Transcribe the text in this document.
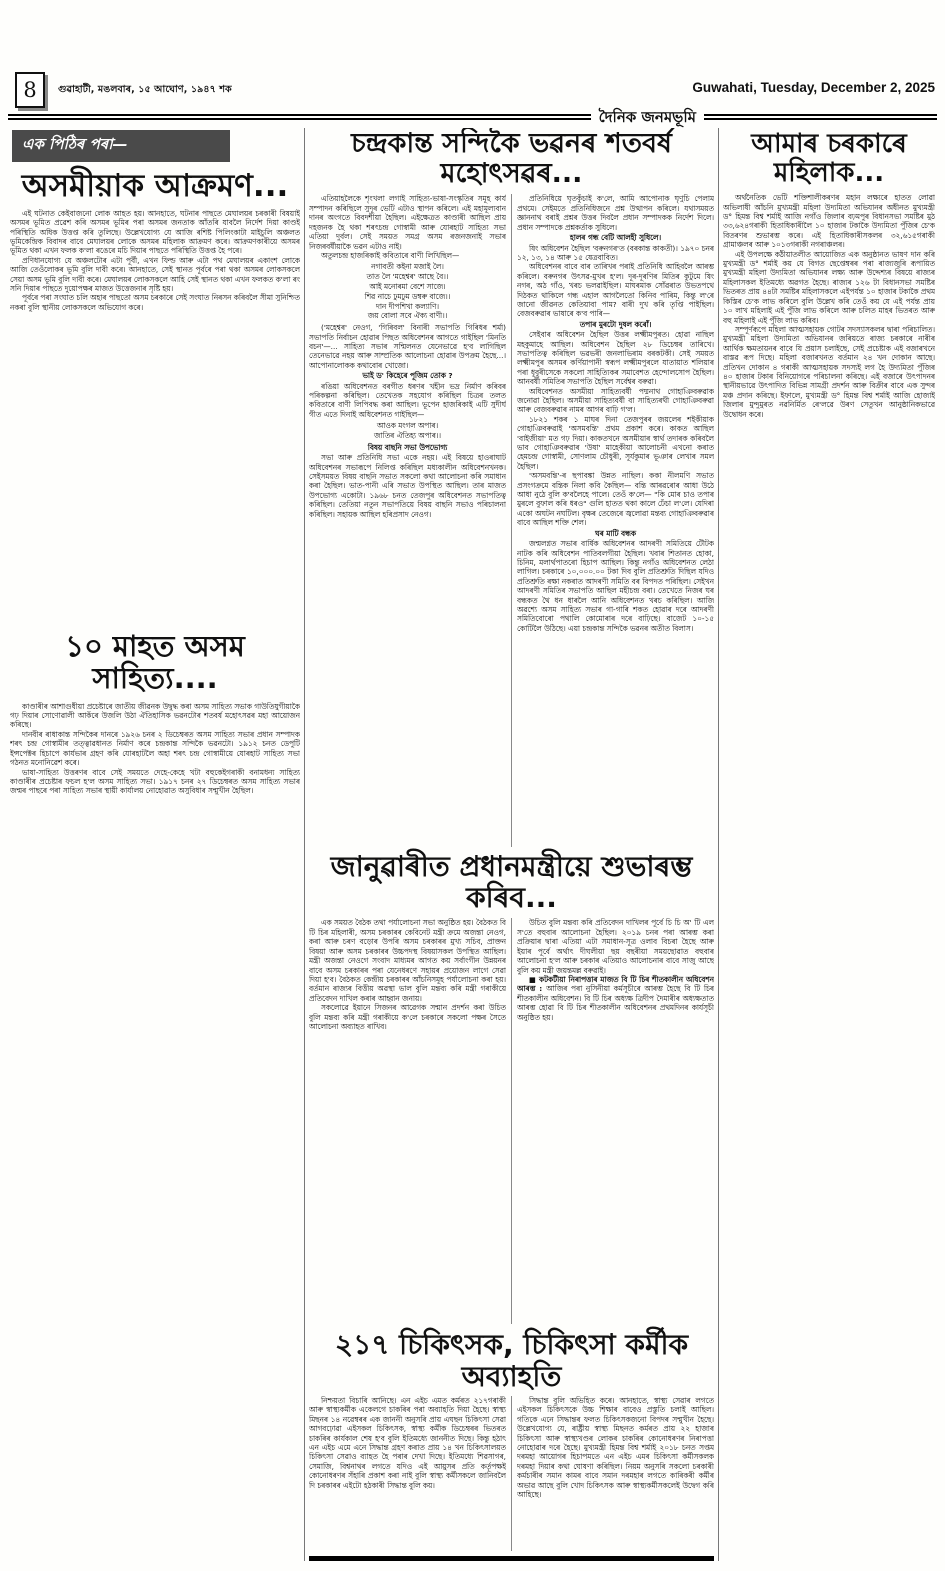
8 গুৱাহাটী, মঙলবাৰ, ১৫ আঘোণ, ১৯৪৭ শক	Guwahati, Tuesday, December 2, 2025
দৈনিক জনমভূমি
এক পিঠিৰ পৰা—
অসমীয়াক আক্ৰমণ...

এই ঘটনাত কেইবাজনো লোক আহত হয়। আনহাতে, ঘটনাৰ পাছতে মেঘালয়ৰ চৰকাৰী বিষয়াই অসমৰ ভূমিত প্ৰৱেশ কৰি অসমৰ ভূমিৰ পৰা অসমৰ জনতাক আঁতৰি যাবলৈ নিৰ্দেশ দিয়া কাণ্ডই পৰিস্থিতি অধিক উত্তপ্ত কৰি তুলিছে। উল্লেখযোগ্য যে আজি ৰশিষ্ট পিলিংকাটা মাইচুলি অঞ্চলত ভূমিকেন্দ্ৰিক বিবাদৰ বাবে মেঘালয়ৰ লোকে অসমৰ মহিলাক আক্ৰমণ কৰে। আক্ৰমণকাৰীয়ে অসমৰ ভূমিত থকা এখন ফলক ক'লা ৰঙেৰে মচি দিয়াৰ পাছতে পৰিস্থিতি উত্তপ্ত হৈ পৰে।

প্ৰণিধানযোগ্য যে অঞ্চলটোৰ এটা পূৰ্বী, এখন ফিল্ড আৰু এটা পথ মেঘালয়ৰ একাংশ লোকে আজি তেওঁলোকৰ ভূমি বুলি দাবী কৰে। আনহাতে, সেই স্থানত পূৰ্বৰে পৰা থকা অসমৰ লোকসকলে সেয়া অসম ভূমি বুলি দাবী কৰে। মেঘালয়ৰ লোকসকলে আহি সেই স্থানত থকা এখন ফলকত ক'লা ৰং সনি দিয়াৰ পাছতে দুয়োপক্ষৰ মাজত উত্তেজনাৰ সৃষ্টি হয়।

পূৰ্বৰে পৰা সংঘাত চলি অহাৰ পাছতো অসম চৰকাৰে সেই সংঘাত নিৰসন কৰিবলৈ সীমা সুনিশ্চিত নকৰা বুলি স্থানীয় লোকসকলে অভিযোগ কৰে।

১০ মাহত অসম সাহিত্য....

কাণ্ডাৰীৰ আশাগুধীয়া প্ৰচেষ্টাৰে জাতীয় জীৱনক উদ্বুদ্ধ কৰা অসম সাহিত্য সভাক গাউতিযুগীয়াকৈ গঢ় দিয়াৰ সোণোৱালী আকঁৰে উজলি উঠা ঐতিহাসিক ভৱনটোৰ শতবৰ্ষ মহোৎসৱৰ মহা আয়োজন কৰিছে।

দানবীৰ ৰাধাকান্ত সন্দিকৈৰ দানৰে ১৯২৬ চনৰ ২ ডিচেম্বৰত অসম সাহিত্য সভাৰ প্ৰধান সম্পাদক শৰৎ চন্দ্ৰ গোস্বামীৰ তত্ত্বাৱধানত নিৰ্মাণ কৰে চন্দ্ৰকান্ত সন্দিকৈ ভৱনটো। ১৯১২ চনত ডেপুটি ইন্সপেক্টৰ হিচাপে কাৰ্যভাৰ গ্ৰহণ কৰি যোৰহাটলৈ অহা শৰৎ চন্দ্ৰ গোস্বামীয়ে যোৰহাট সাহিত্য সভা গঠনত মনোনিৱেশ কৰে।

ভাষা-সাহিত্য উত্তৰণৰ বাবে সেই সময়তে দেহে-কেহে খটা বহুকেইগৰাকী বনামধন্য সাহিত্য কাণ্ডাৰীৰ প্ৰচেষ্টাৰ ফচল হ'ল অসম সাহিত্য সভা। ১৯১৭ চনৰ ২৭ ডিচেম্বৰত অসম সাহিত্য সভাৰ জন্মৰ পাছৰে পৰা সাহিত্য সভাৰ স্থায়ী কাৰ্যালয় নোহোৱাত অসুবিধাৰ সন্মুখীন হৈছিল।

চন্দ্ৰকান্ত সন্দিকৈ ভৱনৰ শতবৰ্ষ মহোৎসৱৰ...

এতিয়াহলৈকে শৃংখলা লগাই সাহিত্য-ভাষা-সংস্কৃতিৰ সমূহ কাৰ্য সম্পাদন কৰিছিলে সুদূৰ ভেটি এটাও স্থাপন কৰিলে। এই মহামূল্যবান দানৰ অংগতে বিবদশীয়া হৈছিল। এইক্ষেত্ৰত কাণ্ডাৰী আছিল প্ৰায় দহজনক হৈ থকা শৰৎচন্দ্ৰ গোস্বামী আৰু যোৰহাট সাহিত্য সভা এতিয়া দুৰ্বল। সেই সময়ত সমগ্ৰ অসম ৰজনজনাই সভাৰ নিজৰবৰ্ষীয়াকৈ ভৱন এটাও নাই।

অতুলচন্দ্ৰ হাজৰিকাই কবিতাৰে বাণী লিখিছিল—

নগাবতী কইনা মজাই লৈ।
তাত লৈ 'মহেশ্বৰ' আছে বৈ।।
আই মনোৰমা বেশে সাজে।
শিৱ নাচে ঢুমঢুম ডম্বৰু বাজে।।
দান দীপশিখা কল্যাণি।
জয় বোলা সবে ঐক্য বাণী।।

('মহেশ্বৰ' নেওগ, 'গিৰিবল' বিনাৰী সভাপতি গিৰিধৰ শৰ্মা) সভাপতি নিৰ্বাচন হোৱাৰ পিছত অধিবেশনৰ আগতে গাইছিল 'মিনতি বচন'—... সাহিত্য সভাৰ সন্মিলনত যেনেভাৱে হ'ব লাগিছিল তেনেভাৱে নহয় আৰু সাম্প্ৰতিক আলোচনা হোৱাৰ উপক্ৰম হৈছে...। আপোনালোকক কথাবোৰ খোজো।

ভাই ড' কিহেৰে পূজিম তোক ?

ৰঙিয়া অধিবেশনত বৰগীত ধৰণৰ খহীন ভদ্ৰ নিৰ্মাণ কৰিবৰ পৰিকল্পনা কৰিছিল। তেখেতক সহযোগ কৰিছিল চিত্ৰৰ তলত কবিতাৰে বাণী লিপিবদ্ধ কৰা আছিল। ভূপেন হাজৰিকাই এটি সুদীৰ্ঘ গীত এতে দিনাই অধিবেশনত গাইছিল—

আওক মংগল অপাৰ।
জাতিৰ ঐতিহ্য অপাৰ।।

বিষয় বাছনি সভা উপভোগ্য

সভা আৰু প্ৰতিনিধি সভা একে নহয়। এই বিষয়ে হাওৰাঘাট অধিবেশনৰ সভাৰূপে নিলিপ্ত কৰিছিল মধ্যকালীন অধিবেশনখনক। সেইসময়ত বিষয় বাছনি সভাত সকলো কথা আলোচনা কৰি সমাধান কৰা হৈছিল। ভাত-পানী এৰি সভাত উপস্থিত আছিল। তাৰ মাজত উপভোগ্য একোটা। ১৯৬৮ চনত তেজপুৰ অধিবেশনত সভাপতিত্ব কৰিছিল। তেতিয়া নতুন সভাপতিয়ে বিষয় বাছনি সভাও পৰিচালনা কৰিছিল। সহায়ক আছিল হৰিপ্ৰসাদ নেওগ।

প্ৰতিনিধিয়ে ঘৃতকুঁচাই ক'লে, আমি আপোনাক ঘৃণুচি পেলাম প্ৰথমে। সেইমতে প্ৰতিনিধিজনে প্ৰশ্ন উত্থাপন কৰিলে। যথাসময়ত জ্ঞাননাথ বৰাই প্ৰশ্নৰ উত্তৰ দিবলৈ প্ৰধান সম্পাদকক নিৰ্দেশ দিলে। প্ৰধান সম্পাদকে প্ৰশ্নকৰ্তাক সুধিলে।

হালৰ গন্ধ বেটি আলহী সুধিলে।

ষিং অধিবেশন হৈছিল 'বৰুনগৰ'ত (বৰকান্ত কাকতী)। ১৯৭০ চনৰ ১২, ১৩, ১৪ আৰু ১৫ ষেত্ৰবাবিত।

অধিবেশনৰ বাবে বাৰ তাৰিখৰ পৰাই প্ৰতিনিধি আহিবলৈ আৰম্ভ কৰিলে। বৰুনগৰ উৎসৱ-মুখৰ হ'ল। দূৰ-দূৰণিৰ মিতিৰ কুটুমে ষিং নগৰ, অঠ গাঁও, খৰচ ভলৱাইছিল। মাঘৰমাক সোঁৱৰাত উভতপথে দিঠকত থাকিলে গন্ধ এহাল আগলৈতো কিনিব পাৰিম, কিন্তু ল'ৰে জানো জীৱনত কেতিয়াবা পাম? বাৰী দুখ কৰি তৃপ্তি পাইছিল। বেজবৰুৱাৰ ভাষাৰে ক'ব পাৰি—

তপাৰ মুৰটো দুষল কৰোঁ।

সেইবাৰ অধিবেশন হৈছিল উত্তৰ লক্ষ্মীমপুৰত। হোৱা নাছিল মহকুমাহে আছিল। অধিবেশন হৈছিল ২৮ ডিচেম্বৰ তাৰিখে। সভাপতিত্ব কৰিছিল ভৱভৰী জনলাভিৰাম বৰকটকী। সেই সময়ত লক্ষ্মীমপুৰ অসমৰ কৰ্ণিয়াপানী স্বৰূপ লক্ষ্মীমপুৰলে যাতায়াত শলিয়াৰ পৰা ধূবুৰীসেকে সকলো সাহিত্যিকৰ সমাবেশত হেন্দোলসোপ হৈছিল। আনবৰ্ষী সমিতিৰ সভাপতি হৈছিল সৰ্বেশ্বৰ বৰুৱা।

অধিবেশনত অসমীয়া সাহিত্যবৰ্ষী পদ্মনাথ গোহাঞিবৰুৱাক জনোৱা হৈছিল। অসমীয়া সাহিত্যবৰ্ষী বা সাহিত্যৰথী গোহাঞিবৰুৱা আৰু বেজবৰুৱাৰ নামৰ আগৰ বাঢ়ি গ'ল।

১৮২১ শকৰ ১ মাঘৰ দিনা তেজপুৰৰ জয়লেৰ শইকীয়াক গোহাঞিবৰুৱাই 'অসমবন্তি' প্ৰথম প্ৰকাশ কৰে। কাকত আছিল 'বাইজীয়া' মত গঢ় দিয়া। কাকতখনে অসমীয়াৰ স্বাৰ্থ তদাৰক কৰিবলৈ ভাব গোহাঞিবৰুৱাৰ 'উষা' মাহেকীয়া আলোচনী এখনো কৰাত হেমচন্দ্ৰ গোস্বামী, সোণলাম চৌধুৰী, সূৰ্যকুমাৰ ভূঞাৰ লেখাৰ সমল হৈছিল।

'অসমবন্তি'-ৰ ছপাবঙ্কা উন্নত নাছিল। ককা নীলমণি সভাত প্ৰসংগক্ৰমে বন্তিক নিলা কবি কৈছিল— বন্তি আৰৱৰোৰ আধা উঠে আধা নুঠে বুলি ক'বলৈহে পালে। তেওঁ ক'লে— "কি মোৰ চাও তপাৰ মুৰলে বুফাল কৰি ধৰও" গুলি হাতত থকা কালে ঢেঁচা ল'লে। যেদিৰা একো অঘটন নঘটিল। বৃক্ষৰ তেজেৰে জ্বলোৱা মন্তব্য গোহাঞিবৰুৱাৰ বাবে আছিল শক্তি শেল।

ঘৰ মাটি বন্ধক

জন্মলগ্নত সভাৰ বাৰ্ষিক অধিবেশনৰ আদৰণী সমিতিয়ে টৌটক নাটক কৰি অধিবেশন পাতিবলগীয়া হৈছিল। খবাৰ শিতানত হোকা, চিনিম, মলাৰ্থপাতৰো হিচাপ আছিল। কিন্তু নগাঁও অধিবেশনত লেঠা লাগিল। চৰকাৰে ১০,০০০.০০ টকা দিব বুলি প্ৰতিশ্ৰুতি দিছিল যদিও প্ৰতিশ্ৰুতি ৰক্ষা নকৰাত আদৰণী সমিতি বৰ বিপদত পৰিছিল। সেইখন আদৰণী সমিতিৰ সভাপতি আছিল মহীচন্দ্ৰ বৰা। তেখেতে নিজৰ ঘৰ বন্ধকত থৈ ধন ধাৰলৈ আনি অধিবেশনত খৰচ কৰিছিল। আজি অৱশ্যে অসম সাহিত্য সভাৰ গা-গাৰি শকত হোৱাৰ দৰে আদৰণী সমিতিবোৰো পথালি কোমোৰাৰ দৰে বাঢ়িছে। বাজেট ১০-১৫ কোটিলৈ উঠিছে। এয়া চন্দ্ৰকান্ত সন্দিকৈ ভৱনৰ অতীত বিলাস।

জানুৱাৰীত প্ৰধানমন্ত্ৰীয়ে শুভাৰম্ভ কৰিব...

এক সময়ত বৈঠক তথা পৰ্যালোচনা সভা অনুষ্ঠিত হয়। বৈঠকত বি টি চিৰ মহিলাৰী, অসম চৰকাৰৰ কেবিনেট মন্ত্ৰী ক্ৰমে অজন্তা নেওগ, কৰা আৰু চৰণ বড়োৰ উপৰি অসম চৰকাৰৰ মুখ্য সচিব, প্ৰাক্তন বিষয়া আৰু অসম চৰকাৰৰ উচ্চপদস্থ বিষয়াসকল উপস্থিত আছিল। মন্ত্ৰী অজন্তা নেওগে সংবাদ মাধ্যমৰ আগত কয় সৰ্বাংগীন উন্নয়নৰ বাবে অসম চৰকাৰৰ পৰা যেনেধৰণে সহায়ৰ প্ৰয়োজন লাগে সেৱা দিয়া হ'ব। বৈঠকত কেন্দ্ৰীয় চৰকাৰৰ আঁচনিসমূহ পৰ্যালোচনা কৰা হয়। বৰ্তমান ৰাজ্যৰ বিত্তীয় অৱস্থা ভাল বুলি মন্তব্য কৰি মন্ত্ৰী গৰাকীয়ে প্ৰতিবেদন দাখিল কৰাৰ আহ্বান জনায়।

সকলোৱে ইয়ানে সিজনৰ আৱেগক সন্মান প্ৰদৰ্শন কৰা উচিত বুলি মন্তব্য কৰি মন্ত্ৰী গৰাকীয়ে ক'লে চৰকাৰে সকলো পক্ষৰ সৈতে আলোচনা অব্যাহত ৰাখিব।

উচিত বুলি মন্তব্য কৰি প্ৰতিবেদন দাখিলৰ পূৰ্বে চি চি অ' টি এল স'তে বহুবাৰ আলোচনা হৈছিল। ২০১৯ চনৰ পৰা আৰম্ভ কৰা প্ৰক্ৰিয়াৰ দ্বাৰা এতিয়া এটা সমাধান-সূত্ৰ ওলাব বিচৰা হৈছে আৰু ইয়াৰ পূৰ্বে অৰ্থাৎ দীঘলীয়া ছয় বছৰীয়া সময়ছোৱাত বহুবাৰ আলোচনা হ'ল আৰু চৰকাৰ এতিয়াও আলোচনাৰ বাবে সাজু আছে বুলি কয় মন্ত্ৰী জয়ন্তমল্ল বৰুৱাই।

■ কটকটীয়া নিৰাপত্তাৰ মাজত বি টি চিৰ শীতকালীন অধিবেশন আৰম্ভ : আজিৰ পৰা নুসিনীয়া কৰ্মসূচীৰে আৰম্ভ হৈছে বি টি চিৰ শীতকালীন অধিবেশন। বি টি চিৰ অধ্যক্ষ ত্ৰিদীপ দৈমাৰীৰ অধ্যক্ষতাত আৰম্ভ হোৱা বি টি চিৰ শীতকালীন অধিবেশনৰ প্ৰথমদিনৰ কাৰ্যসূচী অনুষ্ঠিত হয়।

২১৭ চিকিৎসক, চিকিৎসা কৰ্মীক অব্যাহতি

নিশ্চয়তা বিচাৰি আনিছে। এন এইচ এমত কৰ্মৰত ২১৭গৰাকী আৰু স্বাস্থ্যকৰ্মীক একেলগে চাকৰিৰ পৰা অব্যাহতি দিয়া হৈছে। স্বাস্থ্য মিছনৰ ১৪ নৱেম্বৰৰ এক জাননী অনুসৰি প্ৰায় এঘছন চিকিৎসা সেৱা আগবঢ়োৱা এইসকল চিকিৎসক, স্বাস্থ্য কৰ্মীক ডিচেম্বৰৰ ভিতৰত চাকৰিৰ কাৰ্যকাল শেষ হ'ব বুলি ইতিমধ্যে জাননীত দিছে। কিন্তু হঠাৎ এন এইচ এমে এনে সিদ্ধান্ত গ্ৰহণ কৰাত প্ৰায় ১৪ খন চিকিৎসালয়ত চিকিৎসা সেৱাও ব্যাহত হৈ পৰাৰ দেখা দিছে। ইতিমধ্যে শিৱসাগৰ, সেমাজি, বিশ্বনাথৰ লগতে যদিও এই আয়ুসৰ প্ৰতি কৰ্তৃপক্ষই কোনোধৰণৰ সঁহাৰি প্ৰকাশ কৰা নাই বুলি স্বাস্থ্য কৰ্মীসকলে জানিবলৈ দি চৰকাৰৰ এইটো হঠকাৰী সিদ্ধান্ত বুলি কয়।

সিদ্ধান্ত বুলি অভিহিত কৰে। আনহাতে, স্বাস্থ্য সেৱাৰ লগতে এইসকল চিকিৎসকে উচ্চ শিক্ষাৰ বাবেও প্ৰস্তুতি চলাই আছিল। গতিকে এনে সিদ্ধান্তৰ ফলত চিকিৎসকজনো বিপদৰ সন্মুখীন হৈছে। উল্লেখযোগ্য যে, ৰাষ্ট্ৰীয় স্বাস্থ্য মিছনত কৰ্মৰত প্ৰায় ২২ হাজাৰ চিকিৎসা আৰু স্বাস্থ্যখণ্ডৰ লোকৰ চাকৰিৰ কোনোধৰণৰ নিৰাপত্তা নোহোৱাৰ দৰে হৈছে। মুখ্যমন্ত্ৰী হিমন্ত বিশ্ব শৰ্মাই ২০১৮ চনত সপ্তম দৰমহা আয়োগৰ হিচাপমতে এন এইচ এমৰ চিকিৎসা কৰ্মীসকলক দৰমহা দিয়াৰ কথা ঘোষণা কৰিছিল। নিয়ম অনুসৰি সকলো চৰকাৰী কৰ্মচাৰীৰ সমান কামৰ বাবে সমান দৰমহাৰ লগতে কাৰিকৰী কৰ্মীৰ অভাৱ আছে বুলি খোদ চিকিৎসক আৰু স্বাস্থ্যকৰ্মীসকলেই উদ্বেগ কৰি আহিছে।

আমাৰ চৰকাৰে মহিলাক...

অৰ্থনৈতিক ভেটি শক্তিশালীকৰণৰ মহান লক্ষ্যৰে হাতত লোৱা অভিলাষী আঁচনি মুখ্যমন্ত্ৰী মহিলা উদ্যমিতা অভিযানৰ অধীনত মুখ্যমন্ত্ৰী ড° হিমন্ত বিশ্ব শৰ্মাই আজি নগাঁও জিলাৰ বঢ়মপুৰ বিধানসভা সমষ্টিৰ মুঠ ৩৩,৬২৪গৰাকী হিতাধিকাৰীলৈ ১০ হাজাৰ টকাকৈ উদ্যমিতা পুঁজিৰ চে'ক বিতৰণৰ শুভাৰম্ভ কৰে। এই হিতাধিকাৰীসকলৰ ৩২,৬১৫গৰাকী গ্ৰামাঞ্চলৰ আৰু ১০১৩গৰাকী নগৰাঞ্চলৰ।

এই উপলক্ষে কঠীয়াতলীত আয়োজিত এক অনুষ্ঠানত ভাষণ দান কৰি মুখ্যমন্ত্ৰী ড° শৰ্মাই কয় যে বিগত ছেপ্তেম্বৰৰ পৰা ৰাজ্যজুৰি ৰূপায়িত মুখ্যমন্ত্ৰী মহিলা উদ্যমিতা অভিযানৰ লক্ষ্য আৰু উদ্দেশ্যৰ বিষয়ে ৰাজ্যৰ মহিলাসকল ইতিমধ্যে অৱগত হৈছে। ৰাজ্যৰ ১২৬ টা বিধানসভা সমষ্টিৰ ভিতৰত প্ৰায় ৪৪টা সমষ্টিৰ মহিলাসকলে এইপৰ্যন্ত ১০ হাজাৰ টকাকৈ প্ৰথম কিস্তিৰ চে'ক লাভ কৰিলে বুলি উল্লেখ কৰি তেওঁ কয় যে এই পৰ্যন্ত প্ৰায় ১০ লাখ মহিলাই এই পুঁজি লাভ কৰিলে আৰু চলিত মাহৰ ভিতৰত আৰু বহু মহিলাই এই পুঁজি লাভ কৰিব।

সম্পূৰ্ণৰূপে মহিলা আত্মসহায়ক গোটৰ সদস্যাসকলৰ দ্বাৰা পৰিচালিত। মুখ্যমন্ত্ৰী মহিলা উদ্যমিতা অভিযানৰ জৰিয়তে ৰাজ্য চৰকাৰে নাৰীৰ আৰ্থিক ক্ষমতায়নৰ বাবে যি প্ৰয়াস চলাইছে, সেই প্ৰচেষ্টাক এই বজাৰখনে বাস্তৱ ৰূপ দিছে। মহিলা বজাৰখনত বৰ্তমান ২৪ খন দোকান আছে। প্ৰতিখন দোকান ৪ গৰাকী আত্মসহায়ক সদস্যই লগ হৈ উদ্যমিতা পুঁজিৰ ৪০ হাজাৰ টকাৰ বিনিয়োগৰে পৰিচালনা কৰিছে। এই বজাৰে উৎপাদনৰ স্থানীয়ভাৱে উৎপাদিত বিভিন্ন সামগ্ৰী প্ৰদৰ্শন আৰু বিক্ৰীৰ বাবে এক সুন্দৰ মঞ্চ প্ৰদান কৰিছে। ইফালে, মুখ্যমন্ত্ৰী ড° হিমন্ত বিশ্ব শৰ্মাই আজি হোজাই জিলাৰ মুন্দুমুৰত নৱনিৰ্মিত ৰে'লৱে উৰণ সেতুখন আনুষ্ঠানিকভাৱে উদ্বোধন কৰে।
